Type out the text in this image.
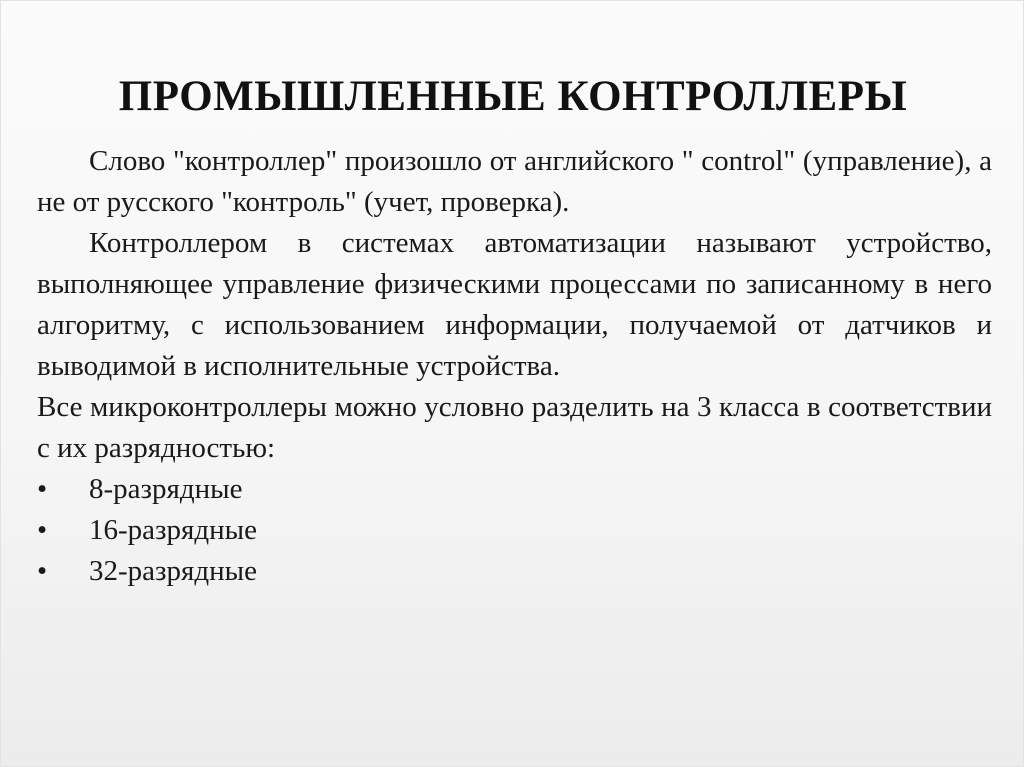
ПРОМЫШЛЕННЫЕ КОНТРОЛЛЕРЫ

Слово "контроллер" произошло от английского " control" (управление), а не от русского "контроль" (учет, проверка).

Контроллером в системах автоматизации называют устройство, выполняющее управление физическими процессами по записанному в него алгоритму, с использованием информации, получаемой от датчиков и выводимой в исполнительные устройства.

Все микроконтроллеры можно условно разделить на 3 класса в соответствии с их разрядностью:

•	8-разрядные
•	16-разрядные
•	32-разрядные
